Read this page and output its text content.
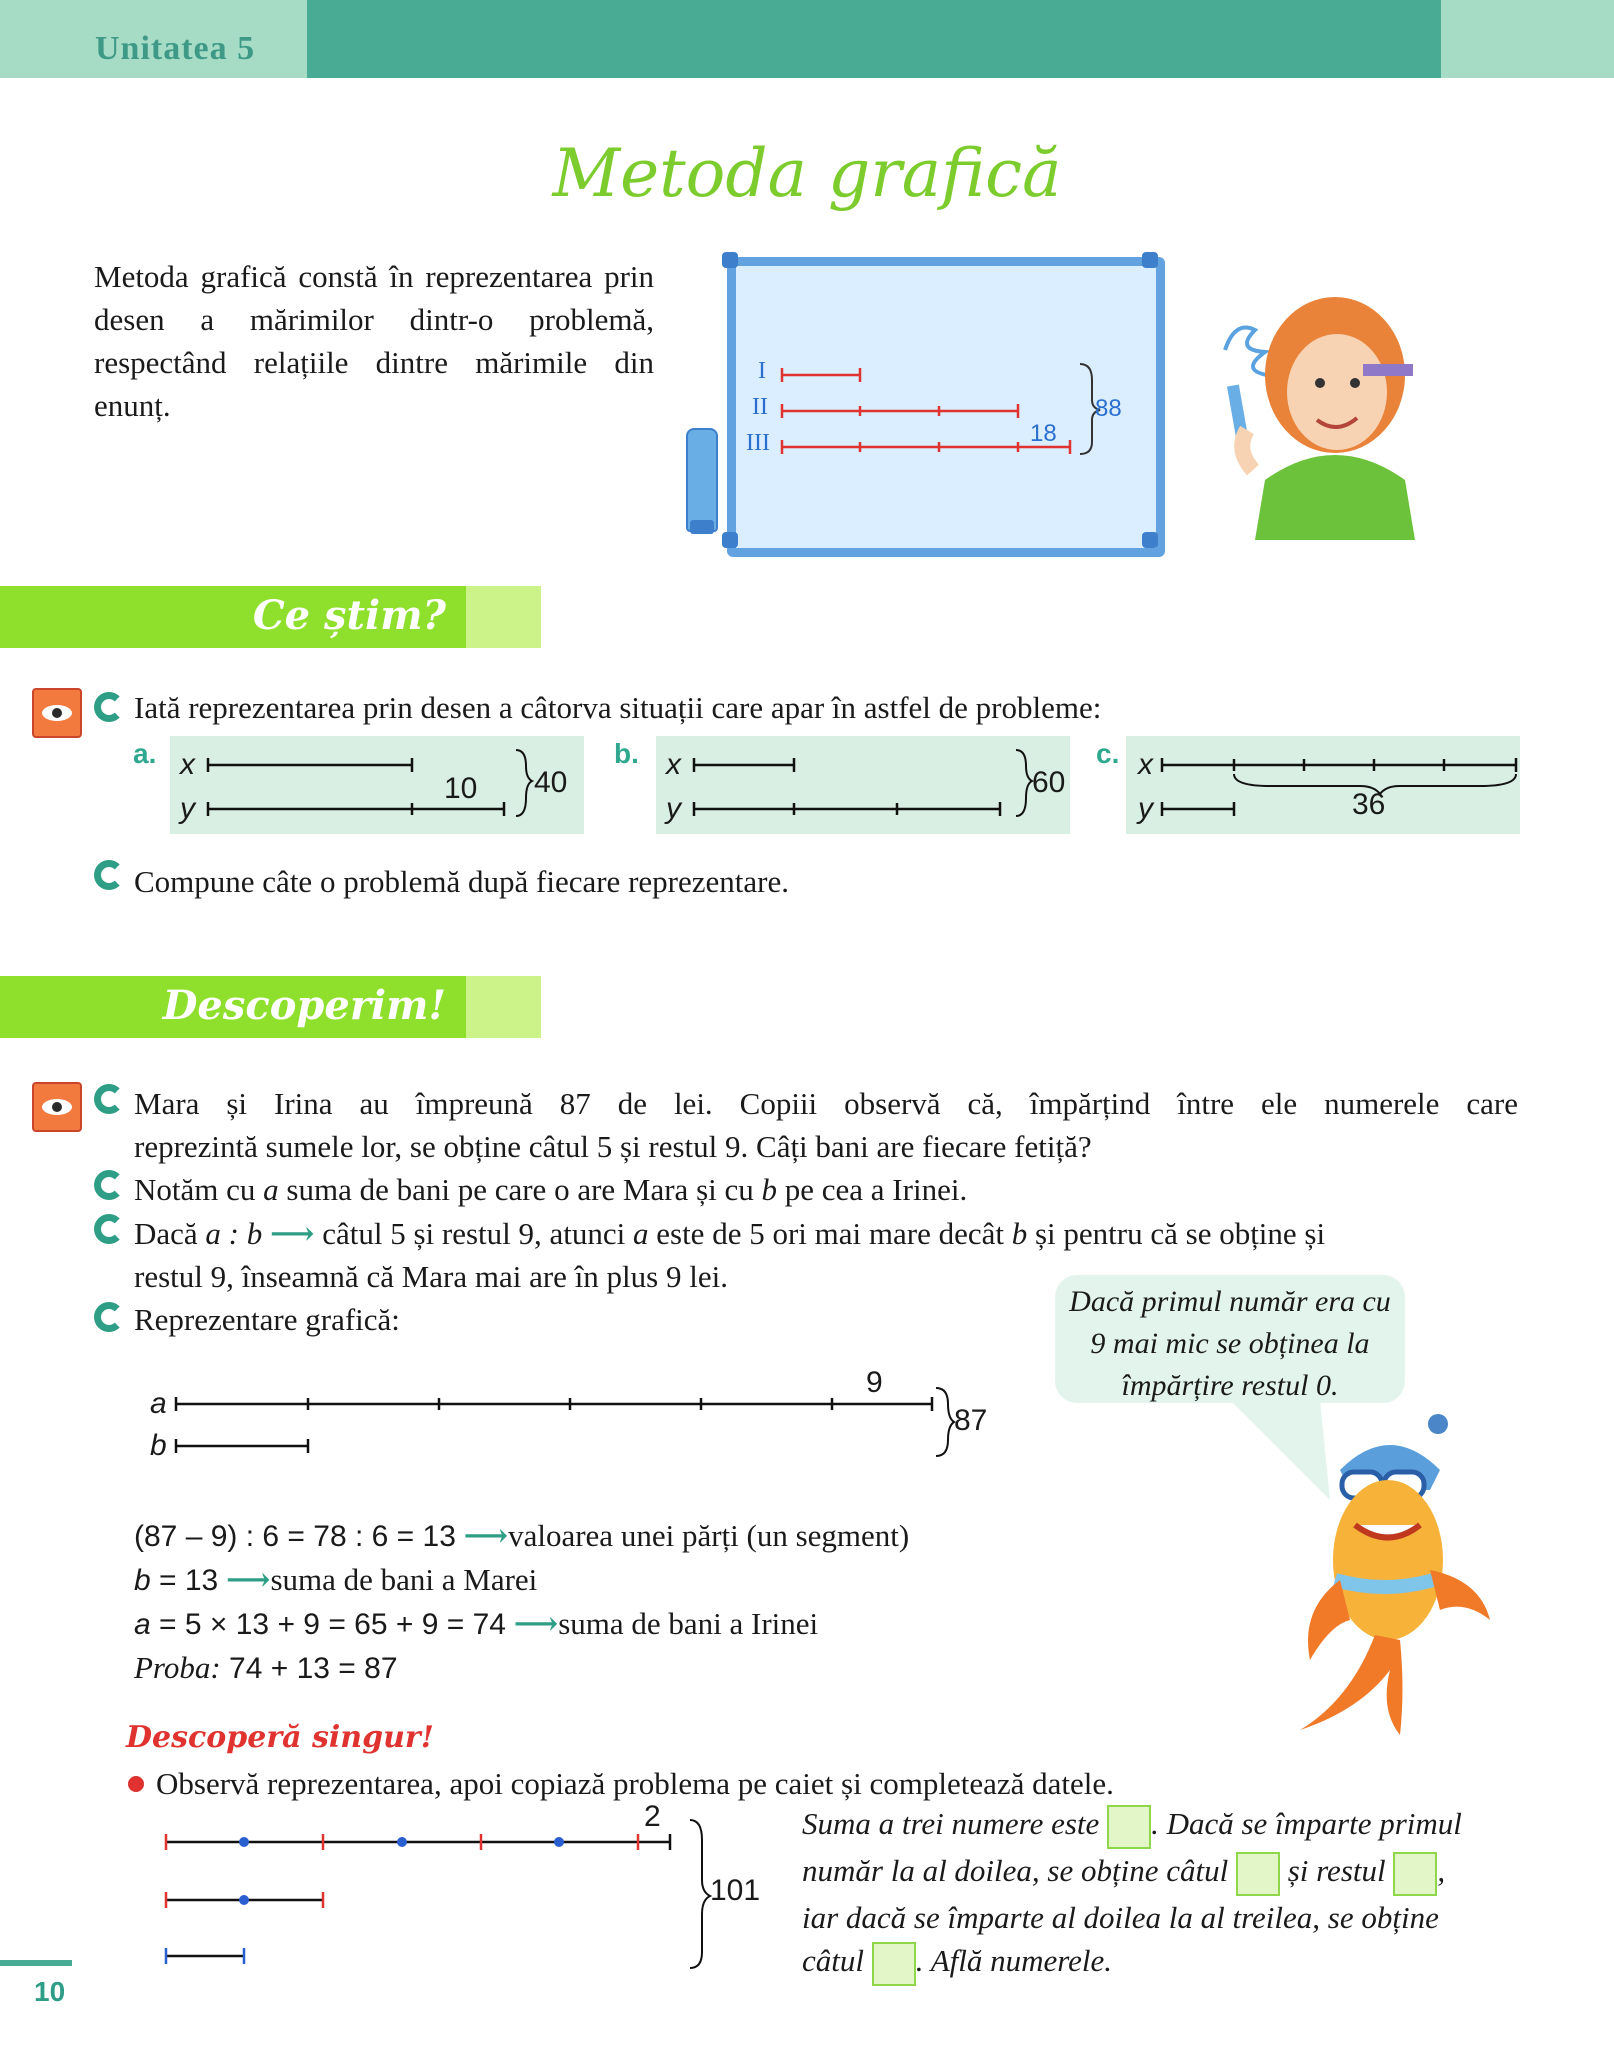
Unitatea 5
Metoda grafică
Metoda grafică constă în reprezentarea prin desen a mărimilor dintr-o problemă, respectând relațiile dintre mărimile din enunț.
I
II
III	18
88
Ce știm?
Iată reprezentarea prin desen a câtorva situații care apar în astfel de probleme:
a.	b.	c.
x
y
10 40
x
y
60
x
y	36
Compune câte o problemă după fiecare reprezentare.
Descoperim!
Mara și Irina au împreună 87 de lei. Copiii observă că, împărțind între ele numerele care
reprezintă sumele lor, se obține câtul 5 și restul 9. Câți bani are fiecare fetiță?
Notăm cu a suma de bani pe care o are Mara și cu b pe cea a Irinei.
Dacă a : b ⟶ câtul 5 și restul 9, atunci a este de 5 ori mai mare decât b și pentru că se obține și
restul 9, înseamnă că Mara mai are în plus 9 lei.
Reprezentare grafică:
a
b
9
87
Dacă primul număr era cu 9 mai mic se obținea la împărțire restul 0.
(87 – 9) : 6 = 78 : 6 = 13 ⟶valoarea unei părți (un segment)
b = 13 ⟶suma de bani a Marei
a = 5 × 13 + 9 = 65 + 9 = 74 ⟶suma de bani a Irinei
Proba: 74 + 13 = 87
Descoperă singur!
Observă reprezentarea, apoi copiază problema pe caiet și completează datele.
2
101
Suma a trei numere este . Dacă se împarte primul
număr la al doilea, se obține câtul și restul ,
iar dacă se împarte al doilea la al treilea, se obține
câtul . Află numerele.
10
